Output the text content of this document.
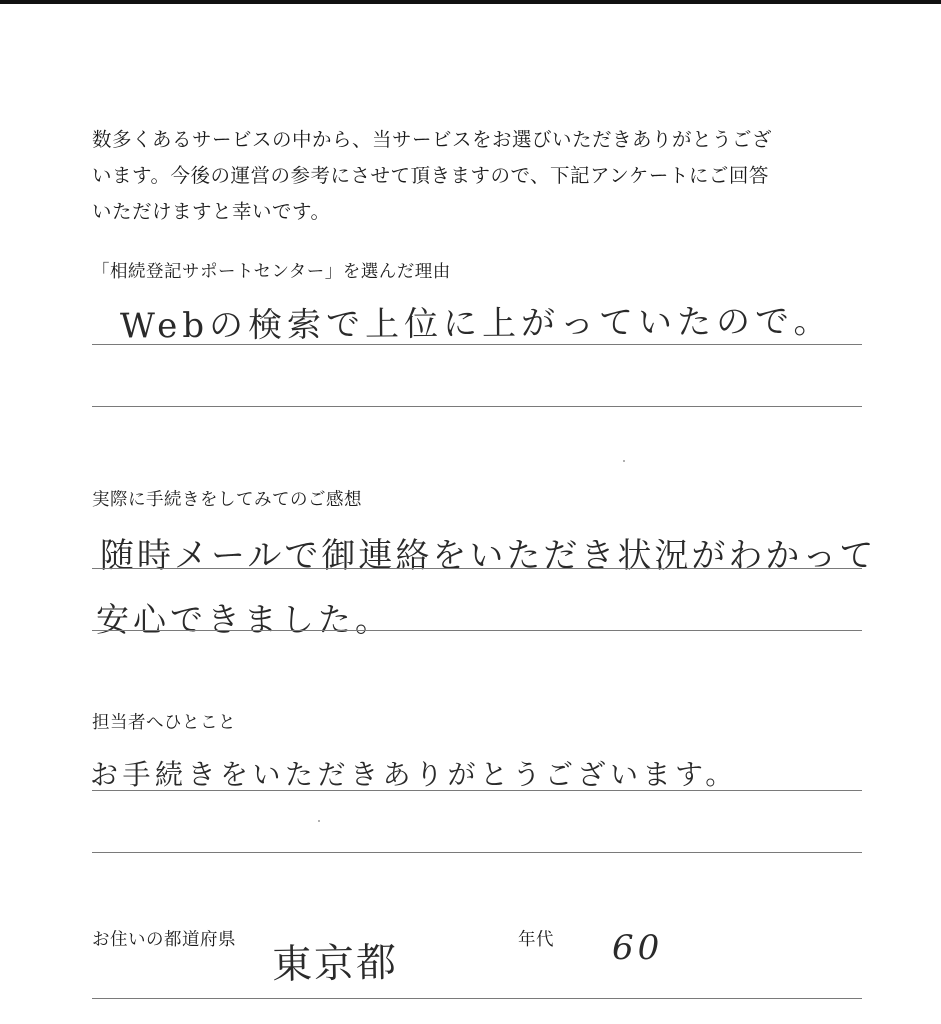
数多くあるサービスの中から、当サービスをお選びいただきありがとうござ
います。今後の運営の参考にさせて頂きますので、下記アンケートにご回答
いただけますと幸いです。

「相続登記サポートセンター」を選んだ理由
Webの検索で上位に上がっていたので。
実際に手続きをしてみてのご感想
随時メールで御連絡をいただき状況がわかって
安心できました。
担当者へひとこと
お手続きをいただきありがとうございます。
お住いの都道府県 東京都	年代 60
